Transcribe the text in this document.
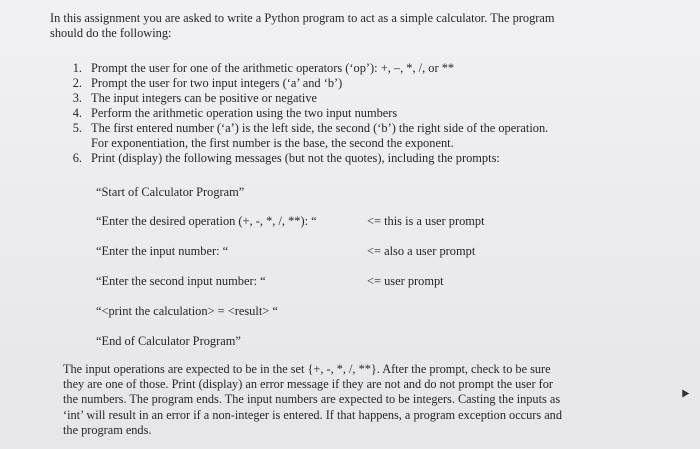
In this assignment you are asked to write a Python program to act as a simple calculator. The program
should do the following:
1. Prompt the user for one of the arithmetic operators (‘op’): +, –, *, /, or **
2. Prompt the user for two input integers (‘a’ and ‘b’)
3. The input integers can be positive or negative
4. Perform the arithmetic operation using the two input numbers
5. The first entered number (‘a’) is the left side, the second (‘b’) the right side of the operation.
For exponentiation, the first number is the base, the second the exponent.
6. Print (display) the following messages (but not the quotes), including the prompts:
“Start of Calculator Program”
“Enter the desired operation (+, -, *, /, **): “	<= this is a user prompt
“Enter the input number: “	<= also a user prompt
“Enter the second input number: “	<= user prompt
“<print the calculation> = <result> “
“End of Calculator Program”
The input operations are expected to be in the set {+, -, *, /, **}. After the prompt, check to be sure
they are one of those. Print (display) an error message if they are not and do not prompt the user for
the numbers. The program ends. The input numbers are expected to be integers. Casting the inputs as
‘int’ will result in an error if a non-integer is entered. If that happens, a program exception occurs and
the program ends.
